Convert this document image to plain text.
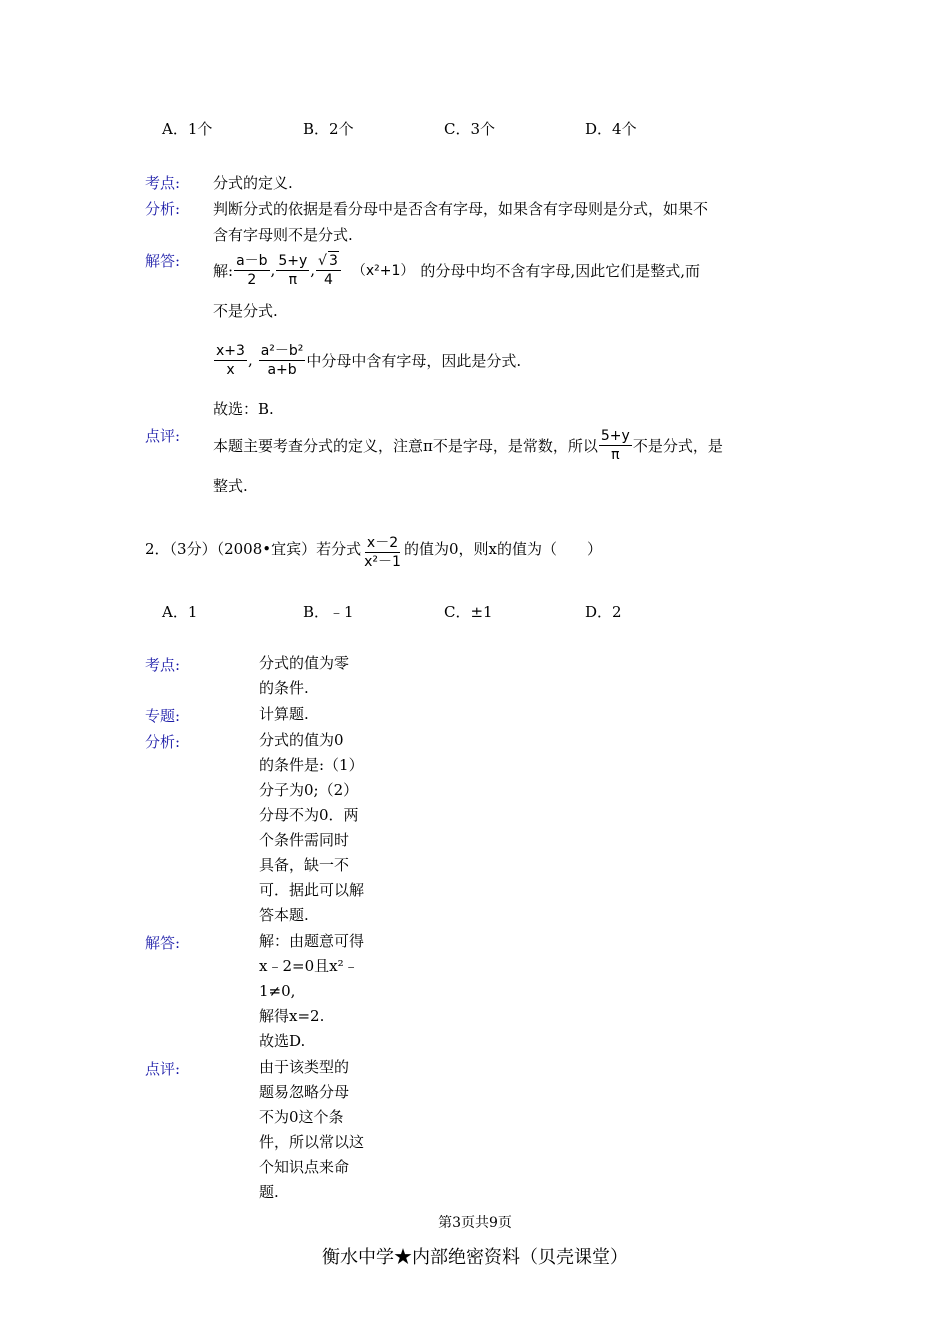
A．1个	B．2个	C．3个	D．4个
考点: 分式的定义.
分析: 判断分式的依据是看分母中是否含有字母，如果含有字母则是分式，如果不
含有字母则不是分式.
解答:
解: $\frac{a-b}{2}$ , $\frac{5+y}{\pi}$ , $\frac{√ 3}{4} (x^2+1)$ 的分母中均不含有字母,因此它们是整式,而
不是分式.
$\frac{x+3}{x}$ , $\frac{\text{a²－b²}}{a+b}$ 中分母中含有字母，因此是分式.
故选：B.
点评:
本题主要考查分式的定义，注意π不是字母，是常数，所以 $\frac{5+y}{\pi}$ 不是分式，是
整式.
2．（3分）（2008•宜宾）若分式 $\frac{x-2}{\text{x²－1}}$ 的值为0，则x的值为（　　）
A．1	B．﹣1	C．±1	D．2
考点:	分式的值为零
的条件.
专题:	计算题.
分析:	分式的值为0
的条件是:（1）
分子为0;（2）
分母不为0．两
个条件需同时
具备，缺一不
可．据此可以解
答本题.
解答:	解：由题意可得
x﹣2=0且x²﹣
1≠0,
解得x=2.
故选D.
点评:	由于该类型的
题易忽略分母
不为0这个条
件，所以常以这
个知识点来命
题.
第3页共9页
衡水中学★内部绝密资料（贝壳课堂）
